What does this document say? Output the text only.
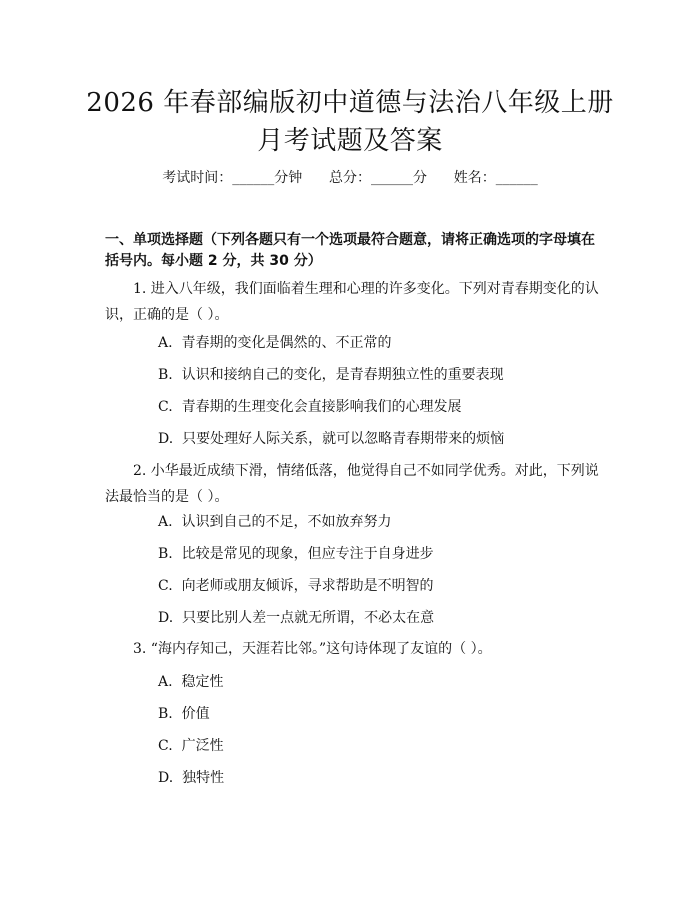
2026 年春部编版初中道德与法治八年级上册
月考试题及答案
考试时间：______分钟      总分：______分      姓名：______
一、单项选择题（下列各题只有一个选项最符合题意，请将正确选项的字母填在
括号内。每小题 2 分，共 30 分）
1. 进入八年级，我们面临着生理和心理的许多变化。下列对青春期变化的认
识，正确的是（ ）。
A.  青春期的变化是偶然的、不正常的
B.  认识和接纳自己的变化，是青春期独立性的重要表现
C.  青春期的生理变化会直接影响我们的心理发展
D.  只要处理好人际关系，就可以忽略青春期带来的烦恼
2. 小华最近成绩下滑，情绪低落，他觉得自己不如同学优秀。对此，下列说
法最恰当的是（ ）。
A.  认识到自己的不足，不如放弃努力
B.  比较是常见的现象，但应专注于自身进步
C.  向老师或朋友倾诉，寻求帮助是不明智的
D.  只要比别人差一点就无所谓，不必太在意
3. “海内存知己，天涯若比邻。”这句诗体现了友谊的（ ）。
A.  稳定性
B.  价值
C.  广泛性
D.  独特性
